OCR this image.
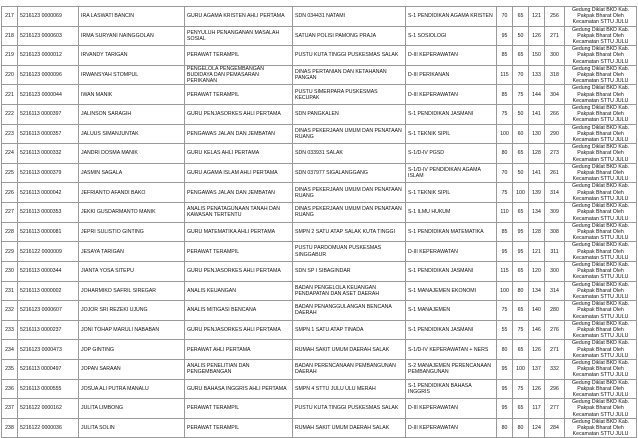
217	5216123 0000069	IRA LASWATI BANCIN	GURU AGAMA KRISTEN AHLI PERTAMA	SDN 034431 NATAMI	S-1 PENDIDIKAN AGAMA KRISTEN	70	65	121	256	Gedung Diklat BKD Kab. Pakpak Bharat Oleh Kecamatan STTU JULU
218	5216123 0000603	IRMA SURYANI NAINGGOLAN	PENYULUH PENANGANAN MASALAH SOSIAL	SATUAN POLISI PAMONG PRAJA	S-1 SOSIOLOGI	95	50	126	271	Gedung Diklat BKD Kab. Pakpak Bharat Oleh Kecamatan STTU JULU
219	5216123 0000012	IRVANDY TARIGAN	PERAWAT TERAMPIL	PUSTU KUTA TINGGI PUSKESMAS SALAK	D-III KEPERAWATAN	85	65	150	300	Gedung Diklat BKD Kab. Pakpak Bharat Oleh Kecamatan STTU JULU
220	5216123 0000096	IRWANSYAH STOMPUL	PENGELOLA PENGEMBANGAN BUDIDAYA DAN PEMASARAN PERIKANAN	DINAS PERTANIAN DAN KETAHANAN PANGAN	D-III PERIKANAN	115	70	133	318	Gedung Diklat BKD Kab. Pakpak Bharat Oleh Kecamatan STTU JULU
221	5216123 0000044	IWAN MANIK	PERAWAT TERAMPIL	PUSTU SIMERPARA PUSKESMAS KECUPAK	D-III KEPERAWATAN	85	75	144	304	Gedung Diklat BKD Kab. Pakpak Bharat Oleh Kecamatan STTU JULU
222	5216113 0000397	JALINSON SARAGIH	GURU PENJASORKES AHLI PERTAMA	SDN PANGKALEN	S-1 PENDIDIKAN JASMANI	75	50	141	266	Gedung Diklat BKD Kab. Pakpak Bharat Oleh Kecamatan STTU JULU
223	5216113 0000357	JALUUS SIMANJUNTAK	PENGAWAS JALAN DAN JEMBATAN	DINAS PEKERJAAN UMUM DAN PENATAAN RUANG	S-1 TEKNIK SIPIL	100	60	130	290	Gedung Diklat BKD Kab. Pakpak Bharat Oleh Kecamatan STTU JULU
224	5216113 0000332	JANDRI DOSMA MANIK	GURU KELAS AHLI PERTAMA	SDN 033931 SALAK	S-1/D-IV PGSD	80	65	128	273	Gedung Diklat BKD Kab. Pakpak Bharat Oleh Kecamatan STTU JULU
225	5216113 0000379	JASMIN SAGALA	GURU AGAMA ISLAM AHLI PERTAMA	SDN 037977 SIGALANGGANG	S-1/D-IV PENDIDIKAN AGAMA ISLAM	70	50	141	261	Gedung Diklat BKD Kab. Pakpak Bharat Oleh Kecamatan STTU JULU
226	5216113 0000042	JEFRIANTO AFANDI BAKO	PENGAWAS JALAN DAN JEMBATAN	DINAS PEKERJAAN UMUM DAN PENATAAN RUANG	S-1 TEKNIK SIPIL	75	100	139	314	Gedung Diklat BKD Kab. Pakpak Bharat Oleh Kecamatan STTU JULU
227	5216113 0000353	JEKKI GUSDARMANTO MANIK	ANALIS PENATAGUNAAN TANAH DAN KAWASAN TERTENTU	DINAS PEKERJAAN UMUM DAN PENATAAN RUANG	S-1 ILMU HUKUM	110	65	134	309	Gedung Diklat BKD Kab. Pakpak Bharat Oleh Kecamatan STTU JULU
228	5216113 0000081	JEPRI SULISTIO GINTING	GURU MATEMATIKA AHLI PERTAMA	SMPN 2 SATU ATAP SALAK KUTA TINGGI	S-1 PENDIDIKAN MATEMATIKA	85	95	128	308	Gedung Diklat BKD Kab. Pakpak Bharat Oleh Kecamatan STTU JULU
229	5216122 0000009	JESAYA TARIGAN	PERAWAT TERAMPIL	PUSTU PARDOMUAN PUSKESMAS SINGGABUR	D-III KEPERAWATAN	95	95	121	311	Gedung Diklat BKD Kab. Pakpak Bharat Oleh Kecamatan STTU JULU
230	5216113 0000344	JIANTA YOSA SITEPU	GURU PENJASORKES AHLI PERTAMA	SDN SP I SIBAGINDAR	S-1 PENDIDIKAN JASMANI	115	65	120	300	Gedung Diklat BKD Kab. Pakpak Bharat Oleh Kecamatan STTU JULU
231	5216113 0000002	JOHARMIKO SAFRIL SIREGAR	ANALIS KEUANGAN	BADAN PENGELOLA KEUANGAN PENDAPATAN DAN ASET DAERAH	S-1 MANAJEMEN EKONOMI	100	80	134	314	Gedung Diklat BKD Kab. Pakpak Bharat Oleh Kecamatan STTU JULU
232	5216123 0000607	JOJOR SRI REZEKI UJUNG	ANALIS MITIGASI BENCANA	BADAN PENANGGULANGAN BENCANA DAERAH	S-1 MANAJEMEN	75	65	140	280	Gedung Diklat BKD Kab. Pakpak Bharat Oleh Kecamatan STTU JULU
233	5216113 0000237	JONI TOHAP MARULI NABABAN	GURU PENJASORKES AHLI PERTAMA	SMPN 1 SATU ATAP TINADA	S-1 PENDIDIKAN JASMANI	55	75	146	276	Gedung Diklat BKD Kab. Pakpak Bharat Oleh Kecamatan STTU JULU
234	5216123 0000473	JOP GINTING	PERAWAT AHLI PERTAMA	RUMAH SAKIT UMUM DAERAH SALAK	S-1/D-IV KEPERAWATAN + NERS	80	65	126	271	Gedung Diklat BKD Kab. Pakpak Bharat Oleh Kecamatan STTU JULU
235	5216113 0000497	JOPAN SARAAN	ANALIS PENELITIAN DAN PENGEMBANGAN	BADAN PERENCANAAN PEMBANGUNAN DAERAH	S-2 MANAJEMEN PERENCANAAN PEMBANGUNAN	95	100	137	332	Gedung Diklat BKD Kab. Pakpak Bharat Oleh Kecamatan STTU JULU
236	5216113 0000555	JOSUA ALI PUTRA MANALU	GURU BAHASA INGGRIS AHLI PERTAMA	SMPN 4 STTU JULU ULU MERAH	S-1 PENDIDIKAN BAHASA INGGRIS	95	75	126	296	Gedung Diklat BKD Kab. Pakpak Bharat Oleh Kecamatan STTU JULU
237	5216122 0000162	JULITA LIMBONG	PERAWAT TERAMPIL	PUSTU KUTA TINGGI PUSKESMAS SALAK	D-III KEPERAWATAN	95	65	117	277	Gedung Diklat BKD Kab. Pakpak Bharat Oleh Kecamatan STTU JULU
238	5216122 0000036	JULITA SOLIN	PERAWAT TERAMPIL	RUMAH SAKIT UMUM DAERAH SALAK	D-III KEPERAWATAN	80	80	124	284	Gedung Diklat BKD Kab. Pakpak Bharat Oleh Kecamatan STTU JULU
